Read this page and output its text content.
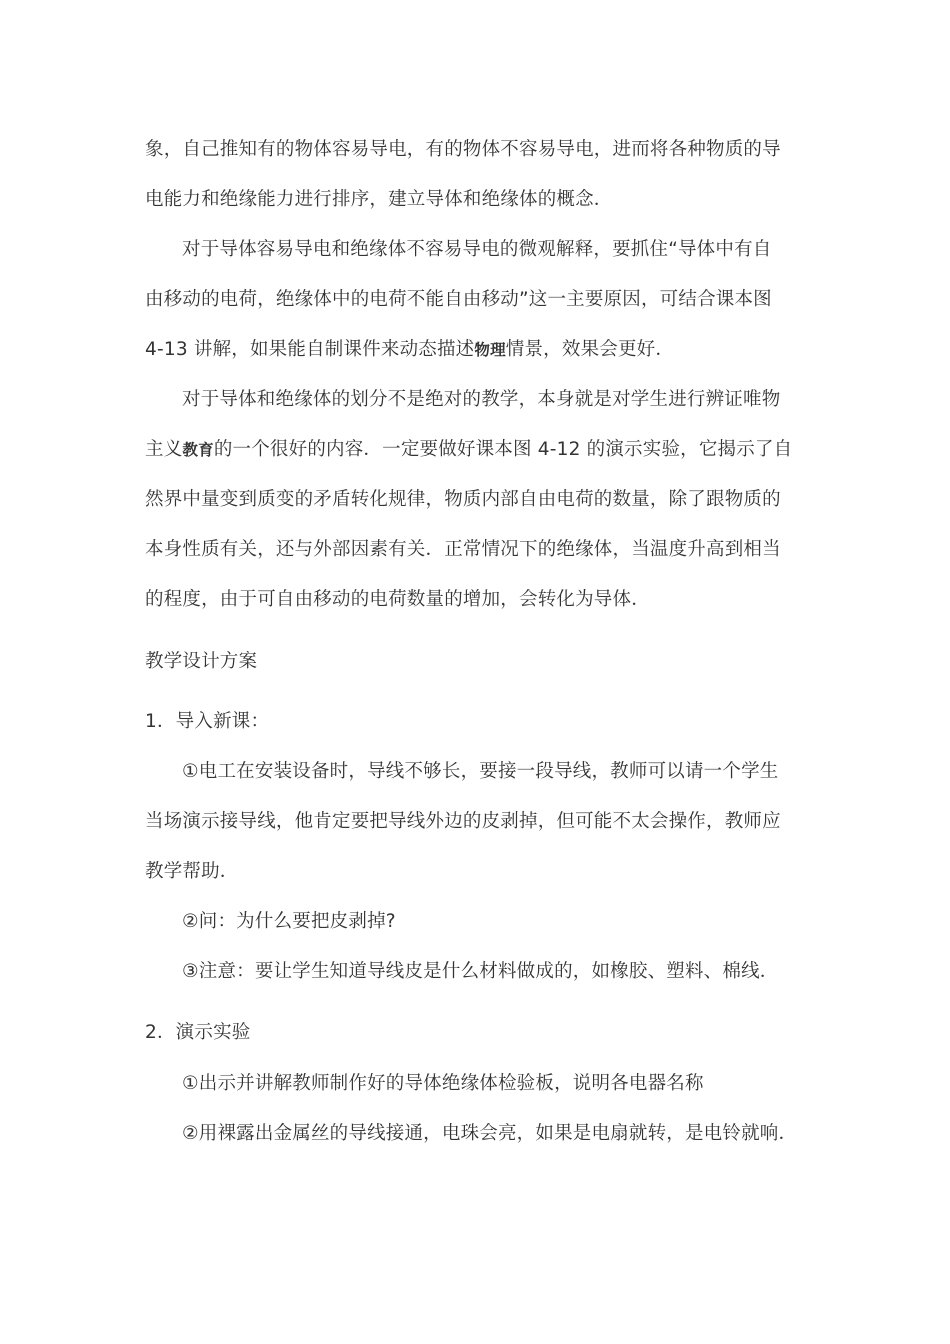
象，自己推知有的物体容易导电，有的物体不容易导电，进而将各种物质的导
电能力和绝缘能力进行排序，建立导体和绝缘体的概念．
对于导体容易导电和绝缘体不容易导电的微观解释，要抓住“导体中有自
由移动的电荷，绝缘体中的电荷不能自由移动”这一主要原因，可结合课本图
4-13 讲解，如果能自制课件来动态描述物理情景，效果会更好．
对于导体和绝缘体的划分不是绝对的教学，本身就是对学生进行辨证唯物
主义教育的一个很好的内容．一定要做好课本图 4-12 的演示实验，它揭示了自
然界中量变到质变的矛盾转化规律，物质内部自由电荷的数量，除了跟物质的
本身性质有关，还与外部因素有关．正常情况下的绝缘体，当温度升高到相当
的程度，由于可自由移动的电荷数量的增加，会转化为导体．
教学设计方案
1．导入新课：
①电工在安装设备时，导线不够长，要接一段导线，教师可以请一个学生
当场演示接导线，他肯定要把导线外边的皮剥掉，但可能不太会操作，教师应
教学帮助．
②问：为什么要把皮剥掉?
③注意：要让学生知道导线皮是什么材料做成的，如橡胶、塑料、棉线．
2．演示实验
①出示并讲解教师制作好的导体绝缘体检验板，说明各电器名称
②用裸露出金属丝的导线接通，电珠会亮，如果是电扇就转，是电铃就响．
